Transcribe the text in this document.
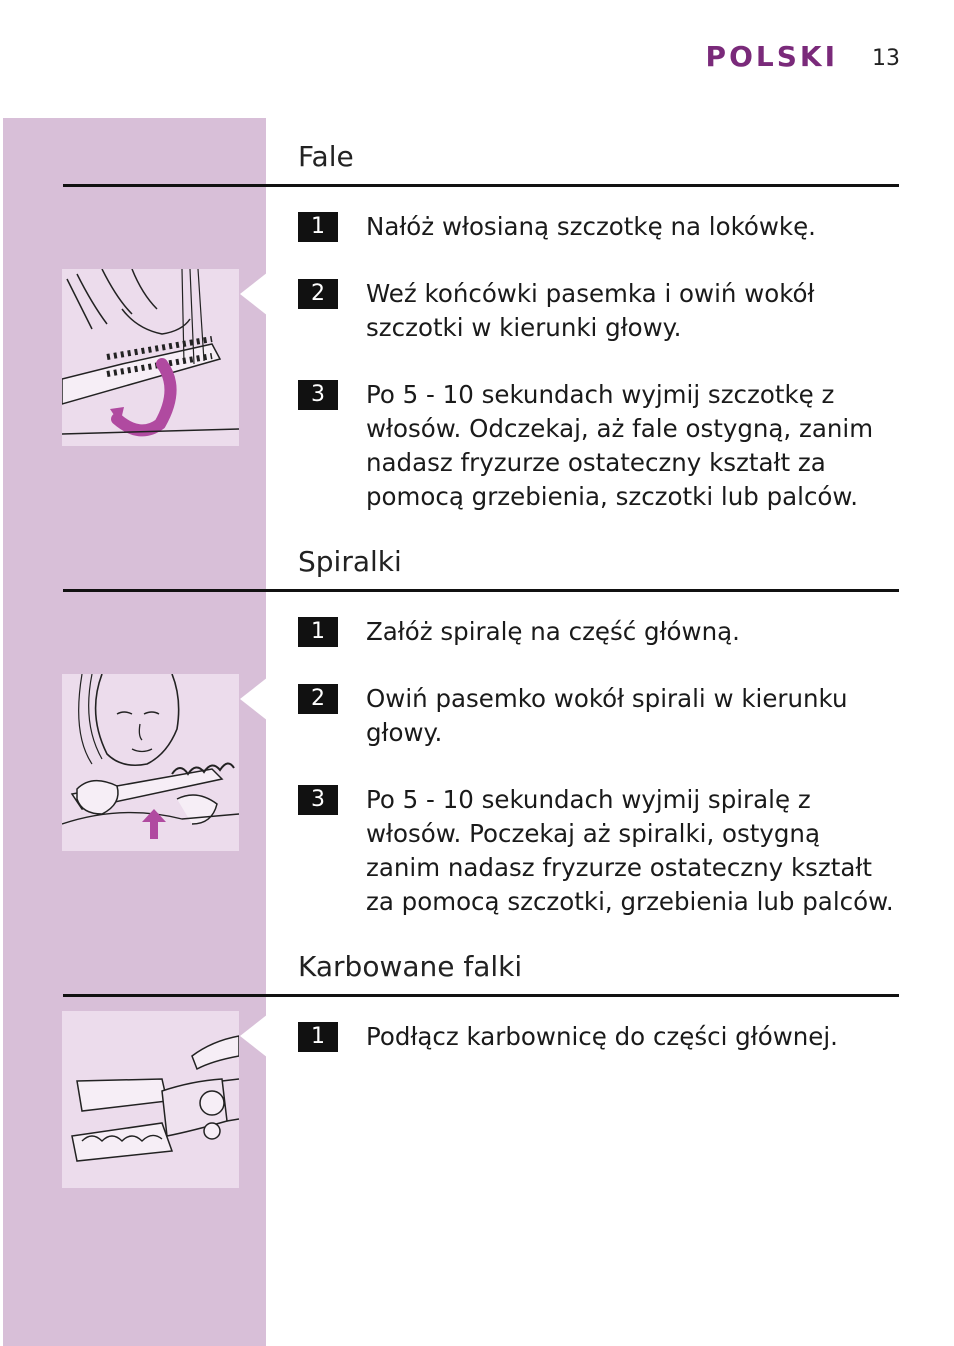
POLSKI 13
Fale
1	Nałóż włosianą szczotkę na lokówkę.
2	Weź końcówki pasemka i owiń wokół szczotki w kierunki głowy.
3	Po 5 - 10 sekundach wyjmij szczotkę z włosów. Odczekaj, aż fale ostygną, zanim nadasz fryzurze ostateczny kształt za pomocą grzebienia, szczotki lub palców.
Spiralki
1	Załóż spiralę na część główną.
2	Owiń pasemko wokół spirali w kierunku głowy.
3	Po 5 - 10 sekundach wyjmij spiralę z włosów. Poczekaj aż spiralki, ostygną zanim nadasz fryzurze ostateczny kształt za pomocą szczotki, grzebienia lub palców.
Karbowane falki
1	Podłącz karbownicę do części głównej.
